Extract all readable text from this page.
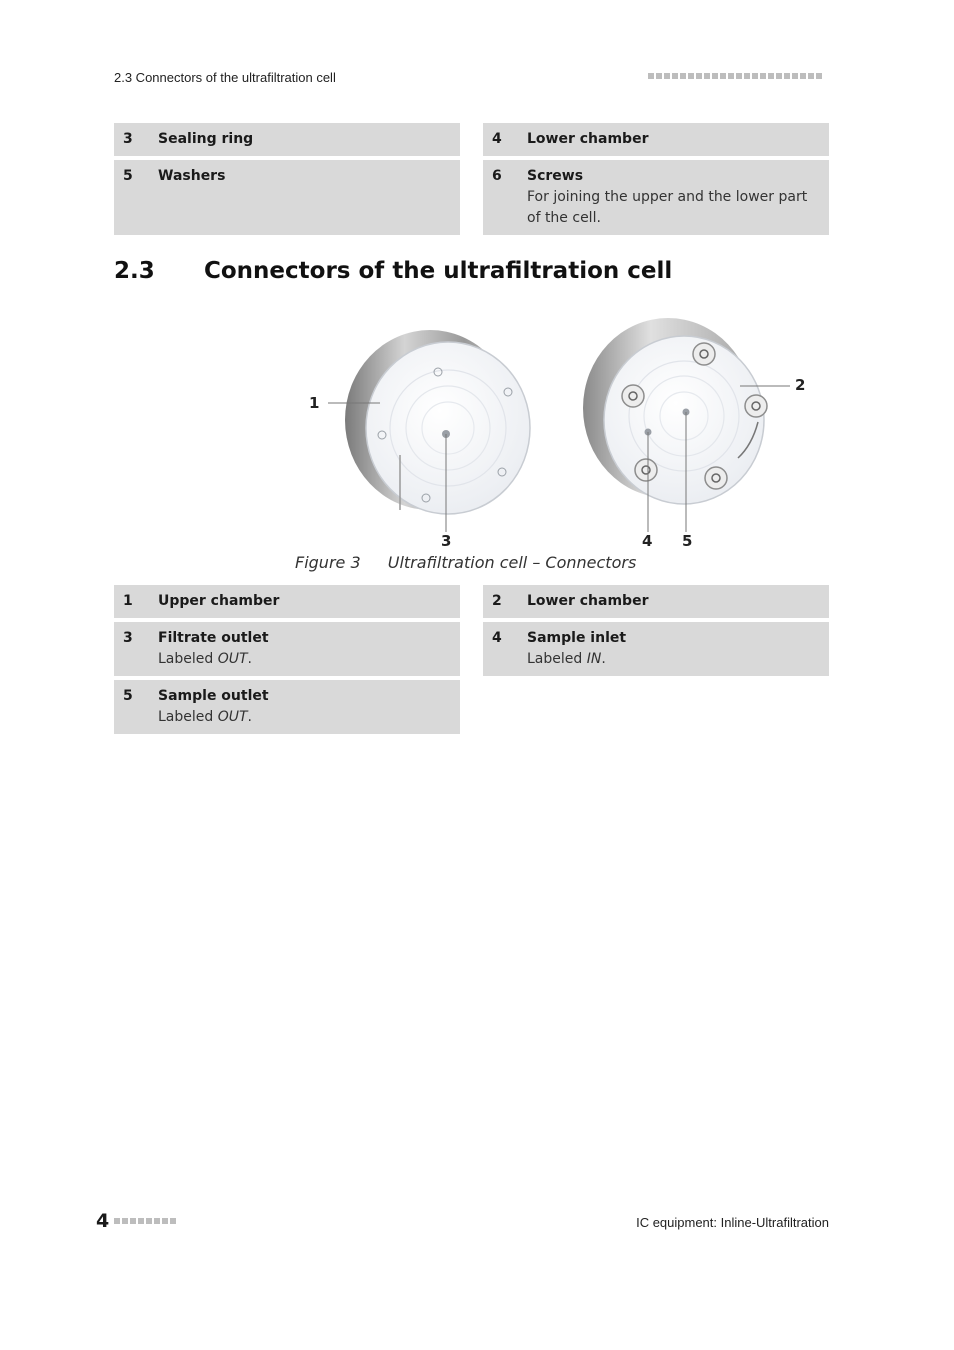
2.3 Connectors of the ultrafiltration cell
3	Sealing ring	4	Lower chamber
5	Washers	6	Screws
For joining the upper and the lower part of the cell.
2.3	Connectors of the ultrafiltration cell
1
2
3	4 5
Figure 3 Ultrafiltration cell – Connectors
1	Upper chamber	2	Lower chamber
3	Filtrate outlet
Labeled OUT.
4	Sample inlet
Labeled IN.
5	Sample outlet
Labeled OUT.
4	IC equipment: Inline-Ultrafiltration
